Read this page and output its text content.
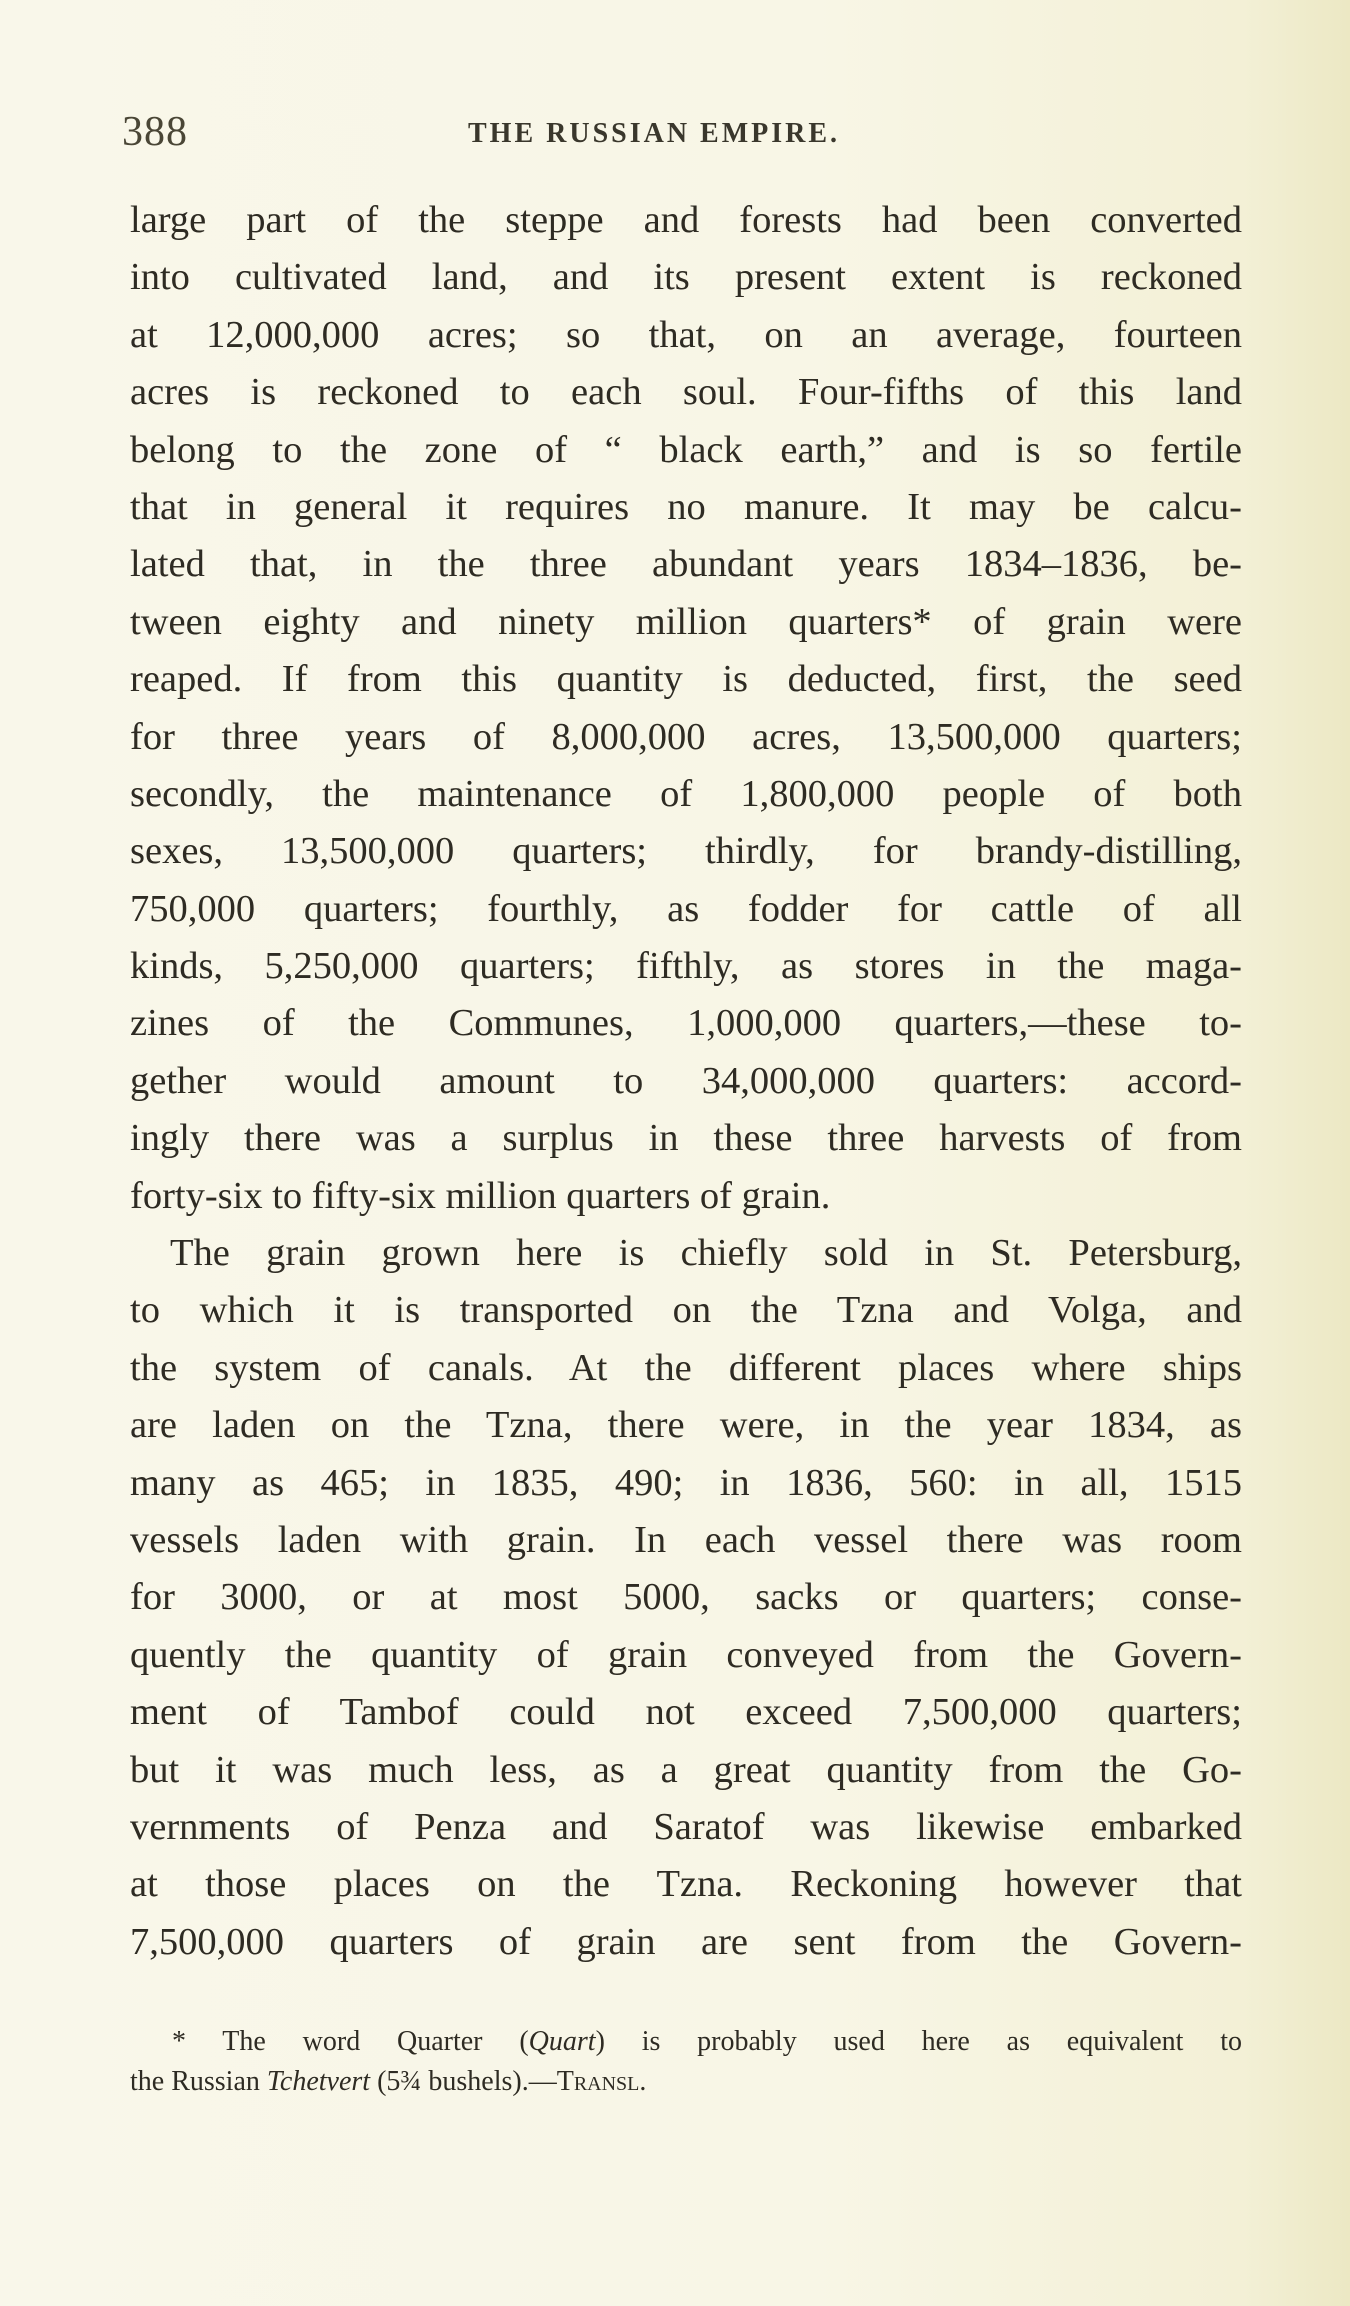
388	THE RUSSIAN EMPIRE.
large part of the steppe and forests had been converted
into cultivated land, and its present extent is reckoned
at 12,000,000 acres; so that, on an average, fourteen
acres is reckoned to each soul. Four-fifths of this land
belong to the zone of “ black earth,” and is so fertile
that in general it requires no manure. It may be calcu-
lated that, in the three abundant years 1834–1836, be-
tween eighty and ninety million quarters* of grain were
reaped. If from this quantity is deducted, first, the seed
for three years of 8,000,000 acres, 13,500,000 quarters;
secondly, the maintenance of 1,800,000 people of both
sexes, 13,500,000 quarters; thirdly, for brandy-distilling,
750,000 quarters; fourthly, as fodder for cattle of all
kinds, 5,250,000 quarters; fifthly, as stores in the maga-
zines of the Communes, 1,000,000 quarters,—these to-
gether would amount to 34,000,000 quarters: accord-
ingly there was a surplus in these three harvests of from
forty-six to fifty-six million quarters of grain.
The grain grown here is chiefly sold in St. Petersburg,
to which it is transported on the Tzna and Volga, and
the system of canals. At the different places where ships
are laden on the Tzna, there were, in the year 1834, as
many as 465; in 1835, 490; in 1836, 560: in all, 1515
vessels laden with grain. In each vessel there was room
for 3000, or at most 5000, sacks or quarters; conse-
quently the quantity of grain conveyed from the Govern-
ment of Tambof could not exceed 7,500,000 quarters;
but it was much less, as a great quantity from the Go-
vernments of Penza and Saratof was likewise embarked
at those places on the Tzna. Reckoning however that
7,500,000 quarters of grain are sent from the Govern-
* The word Quarter (Quart) is probably used here as equivalent to
the Russian Tchetvert (5¾ bushels).—Transl.
